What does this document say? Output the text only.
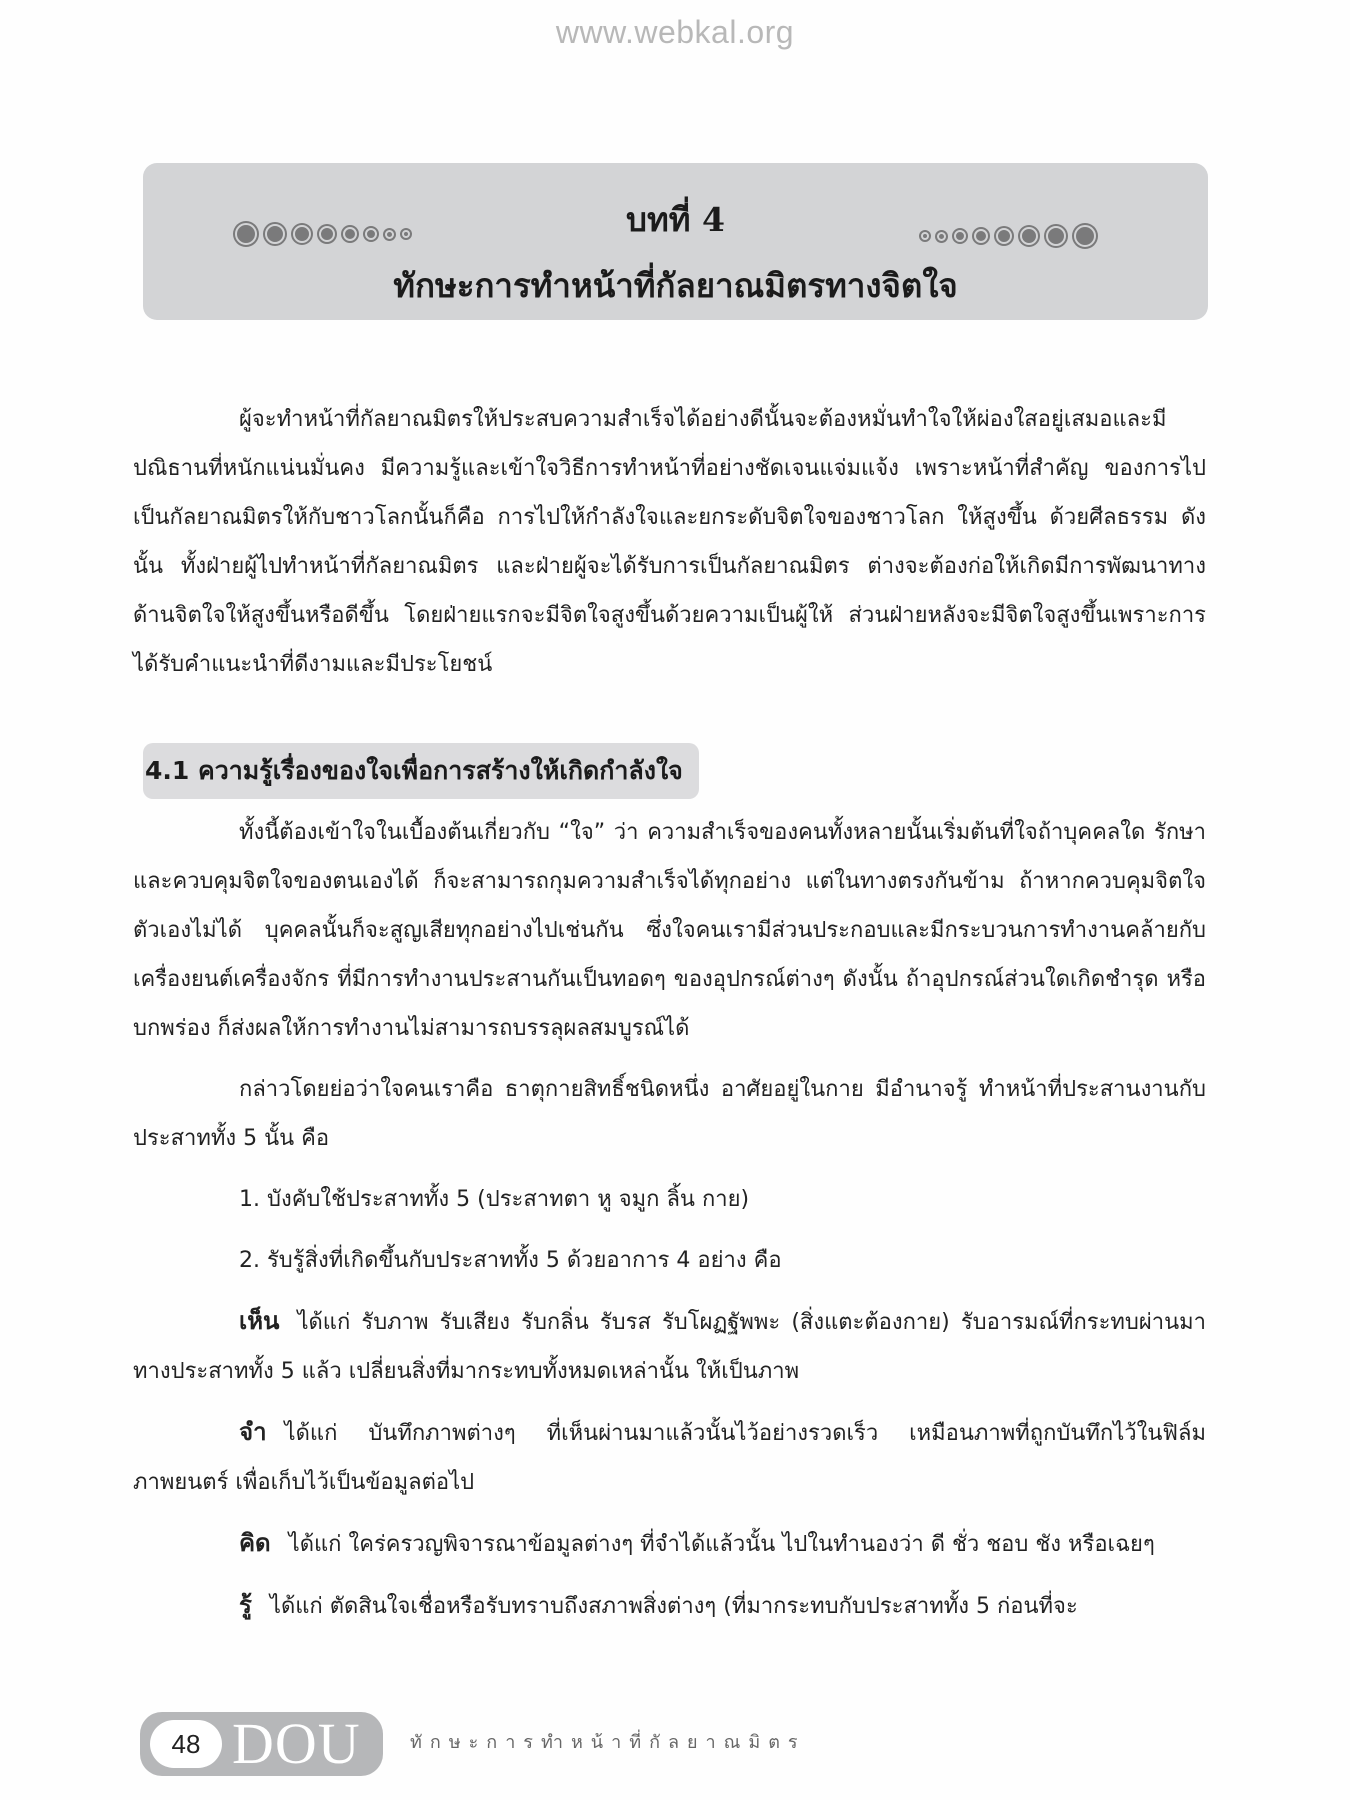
www.webkal.org
บทที่ 4
ทักษะการทำหน้าที่กัลยาณมิตรทางจิตใจ

ผู้จะทำหน้าที่กัลยาณมิตรให้ประสบความสำเร็จได้อย่างดีนั้นจะต้องหมั่นทำใจให้ผ่องใสอยู่เสมอและมีปณิธานที่หนักแน่นมั่นคง มีความรู้และเข้าใจวิธีการทำหน้าที่อย่างชัดเจนแจ่มแจ้ง เพราะหน้าที่สำคัญ ของการไปเป็นกัลยาณมิตรให้กับชาวโลกนั้นก็คือ การไปให้กำลังใจและยกระดับจิตใจของชาวโลก ให้สูงขึ้น ด้วยศีลธรรม ดังนั้น ทั้งฝ่ายผู้ไปทำหน้าที่กัลยาณมิตร และฝ่ายผู้จะได้รับการเป็นกัลยาณมิตร ต่างจะต้องก่อให้เกิดมีการพัฒนาทางด้านจิตใจให้สูงขึ้นหรือดีขึ้น โดยฝ่ายแรกจะมีจิตใจสูงขึ้นด้วยความเป็นผู้ให้ ส่วนฝ่ายหลังจะมีจิตใจสูงขึ้นเพราะการได้รับคำแนะนำที่ดีงามและมีประโยชน์

4.1 ความรู้เรื่องของใจเพื่อการสร้างให้เกิดกำลังใจ

ทั้งนี้ต้องเข้าใจในเบื้องต้นเกี่ยวกับ “ใจ” ว่า ความสำเร็จของคนทั้งหลายนั้นเริ่มต้นที่ใจถ้าบุคคลใด รักษาและควบคุมจิตใจของตนเองได้ ก็จะสามารถกุมความสำเร็จได้ทุกอย่าง แต่ในทางตรงกันข้าม ถ้าหากควบคุมจิตใจตัวเองไม่ได้ บุคคลนั้นก็จะสูญเสียทุกอย่างไปเช่นกัน ซึ่งใจคนเรามีส่วนประกอบและมีกระบวนการทำงานคล้ายกับเครื่องยนต์เครื่องจักร ที่มีการทำงานประสานกันเป็นทอดๆ ของอุปกรณ์ต่างๆ ดังนั้น ถ้าอุปกรณ์ส่วนใดเกิดชำรุด หรือบกพร่อง ก็ส่งผลให้การทำงานไม่สามารถบรรลุผลสมบูรณ์ได้

กล่าวโดยย่อว่าใจคนเราคือ ธาตุกายสิทธิ์ชนิดหนึ่ง อาศัยอยู่ในกาย มีอำนาจรู้ ทำหน้าที่ประสานงานกับประสาททั้ง 5 นั้น คือ

1. บังคับใช้ประสาททั้ง 5 (ประสาทตา หู จมูก ลิ้น กาย)

2. รับรู้สิ่งที่เกิดขึ้นกับประสาททั้ง 5 ด้วยอาการ 4 อย่าง คือ

เห็น ได้แก่ รับภาพ รับเสียง รับกลิ่น รับรส รับโผฏฐัพพะ (สิ่งแตะต้องกาย) รับอารมณ์ที่กระทบผ่านมาทางประสาททั้ง 5 แล้ว เปลี่ยนสิ่งที่มากระทบทั้งหมดเหล่านั้น ให้เป็นภาพ

จำ ได้แก่ บันทึกภาพต่างๆ ที่เห็นผ่านมาแล้วนั้นไว้อย่างรวดเร็ว เหมือนภาพที่ถูกบันทึกไว้ในฟิล์มภาพยนตร์ เพื่อเก็บไว้เป็นข้อมูลต่อไป

คิด ได้แก่ ใคร่ครวญพิจารณาข้อมูลต่างๆ ที่จำได้แล้วนั้น ไปในทำนองว่า ดี ชั่ว ชอบ ชัง หรือเฉยๆ

รู้ ได้แก่ ตัดสินใจเชื่อหรือรับทราบถึงสภาพสิ่งต่างๆ (ที่มากระทบกับประสาททั้ง 5 ก่อนที่จะ

48 DOU	ทักษะการทำหน้าที่กัลยาณมิตร
